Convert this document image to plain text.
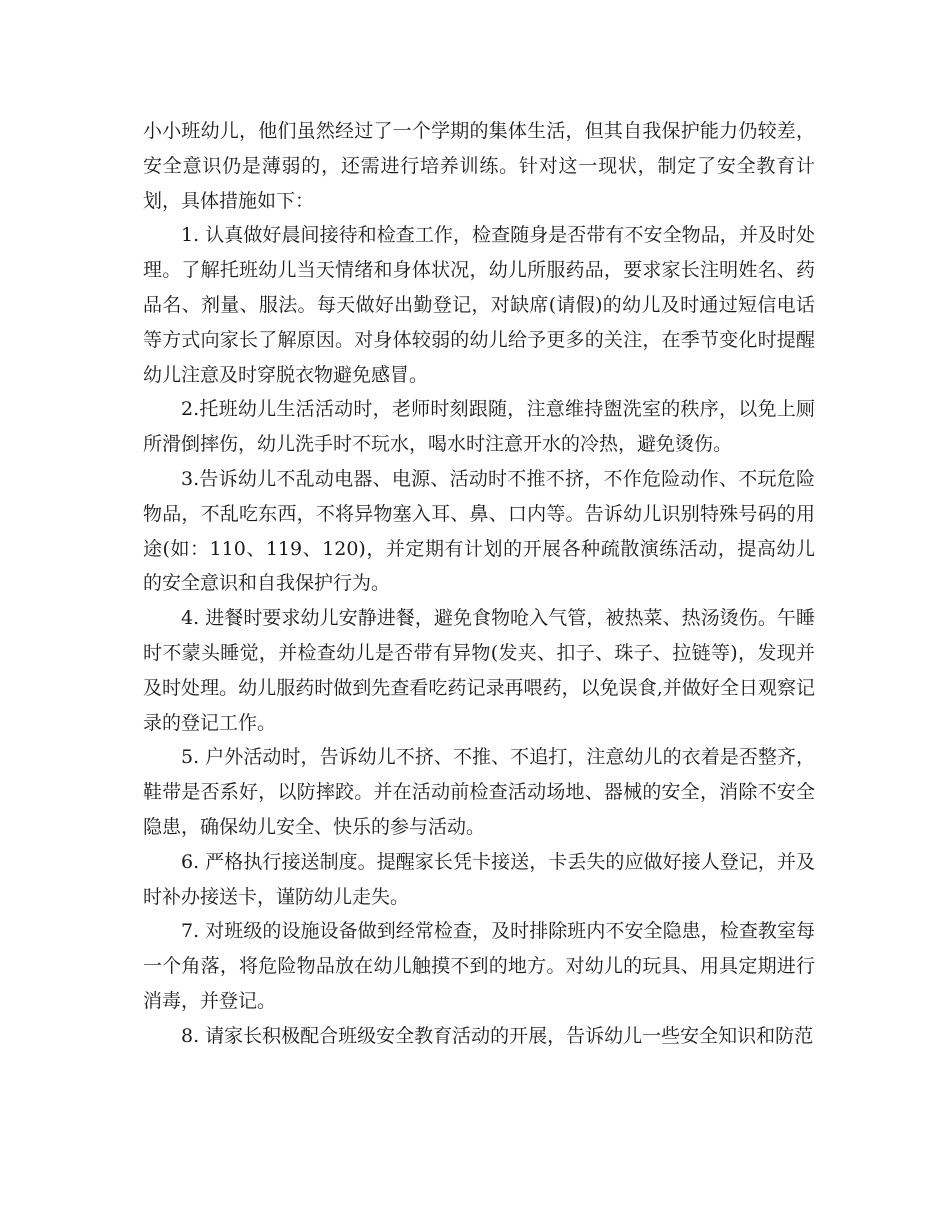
小小班幼儿，他们虽然经过了一个学期的集体生活，但其自我保护能力仍较差，安全意识仍是薄弱的，还需进行培养训练。针对这一现状，制定了安全教育计划，具体措施如下：

1. 认真做好晨间接待和检查工作，检查随身是否带有不安全物品，并及时处理。了解托班幼儿当天情绪和身体状况，幼儿所服药品，要求家长注明姓名、药品名、剂量、服法。每天做好出勤登记，对缺席(请假)的幼儿及时通过短信电话等方式向家长了解原因。对身体较弱的幼儿给予更多的关注，在季节变化时提醒幼儿注意及时穿脱衣物避免感冒。

2.托班幼儿生活活动时，老师时刻跟随，注意维持盥洗室的秩序，以免上厕所滑倒摔伤，幼儿洗手时不玩水，喝水时注意开水的冷热，避免烫伤。

3.告诉幼儿不乱动电器、电源、活动时不推不挤，不作危险动作、不玩危险物品，不乱吃东西，不将异物塞入耳、鼻、口内等。告诉幼儿识别特殊号码的用途(如：110、119、120)，并定期有计划的开展各种疏散演练活动，提高幼儿的安全意识和自我保护行为。

4. 进餐时要求幼儿安静进餐，避免食物呛入气管，被热菜、热汤烫伤。午睡时不蒙头睡觉，并检查幼儿是否带有异物(发夹、扣子、珠子、拉链等)，发现并及时处理。幼儿服药时做到先查看吃药记录再喂药，以免误食,并做好全日观察记录的登记工作。

5. 户外活动时，告诉幼儿不挤、不推、不追打，注意幼儿的衣着是否整齐，鞋带是否系好，以防摔跤。并在活动前检查活动场地、器械的安全，消除不安全隐患，确保幼儿安全、快乐的参与活动。

6. 严格执行接送制度。提醒家长凭卡接送，卡丢失的应做好接人登记，并及时补办接送卡，谨防幼儿走失。

7. 对班级的设施设备做到经常检查，及时排除班内不安全隐患，检查教室每一个角落，将危险物品放在幼儿触摸不到的地方。对幼儿的玩具、用具定期进行消毒，并登记。

8. 请家长积极配合班级安全教育活动的开展，告诉幼儿一些安全知识和防范
